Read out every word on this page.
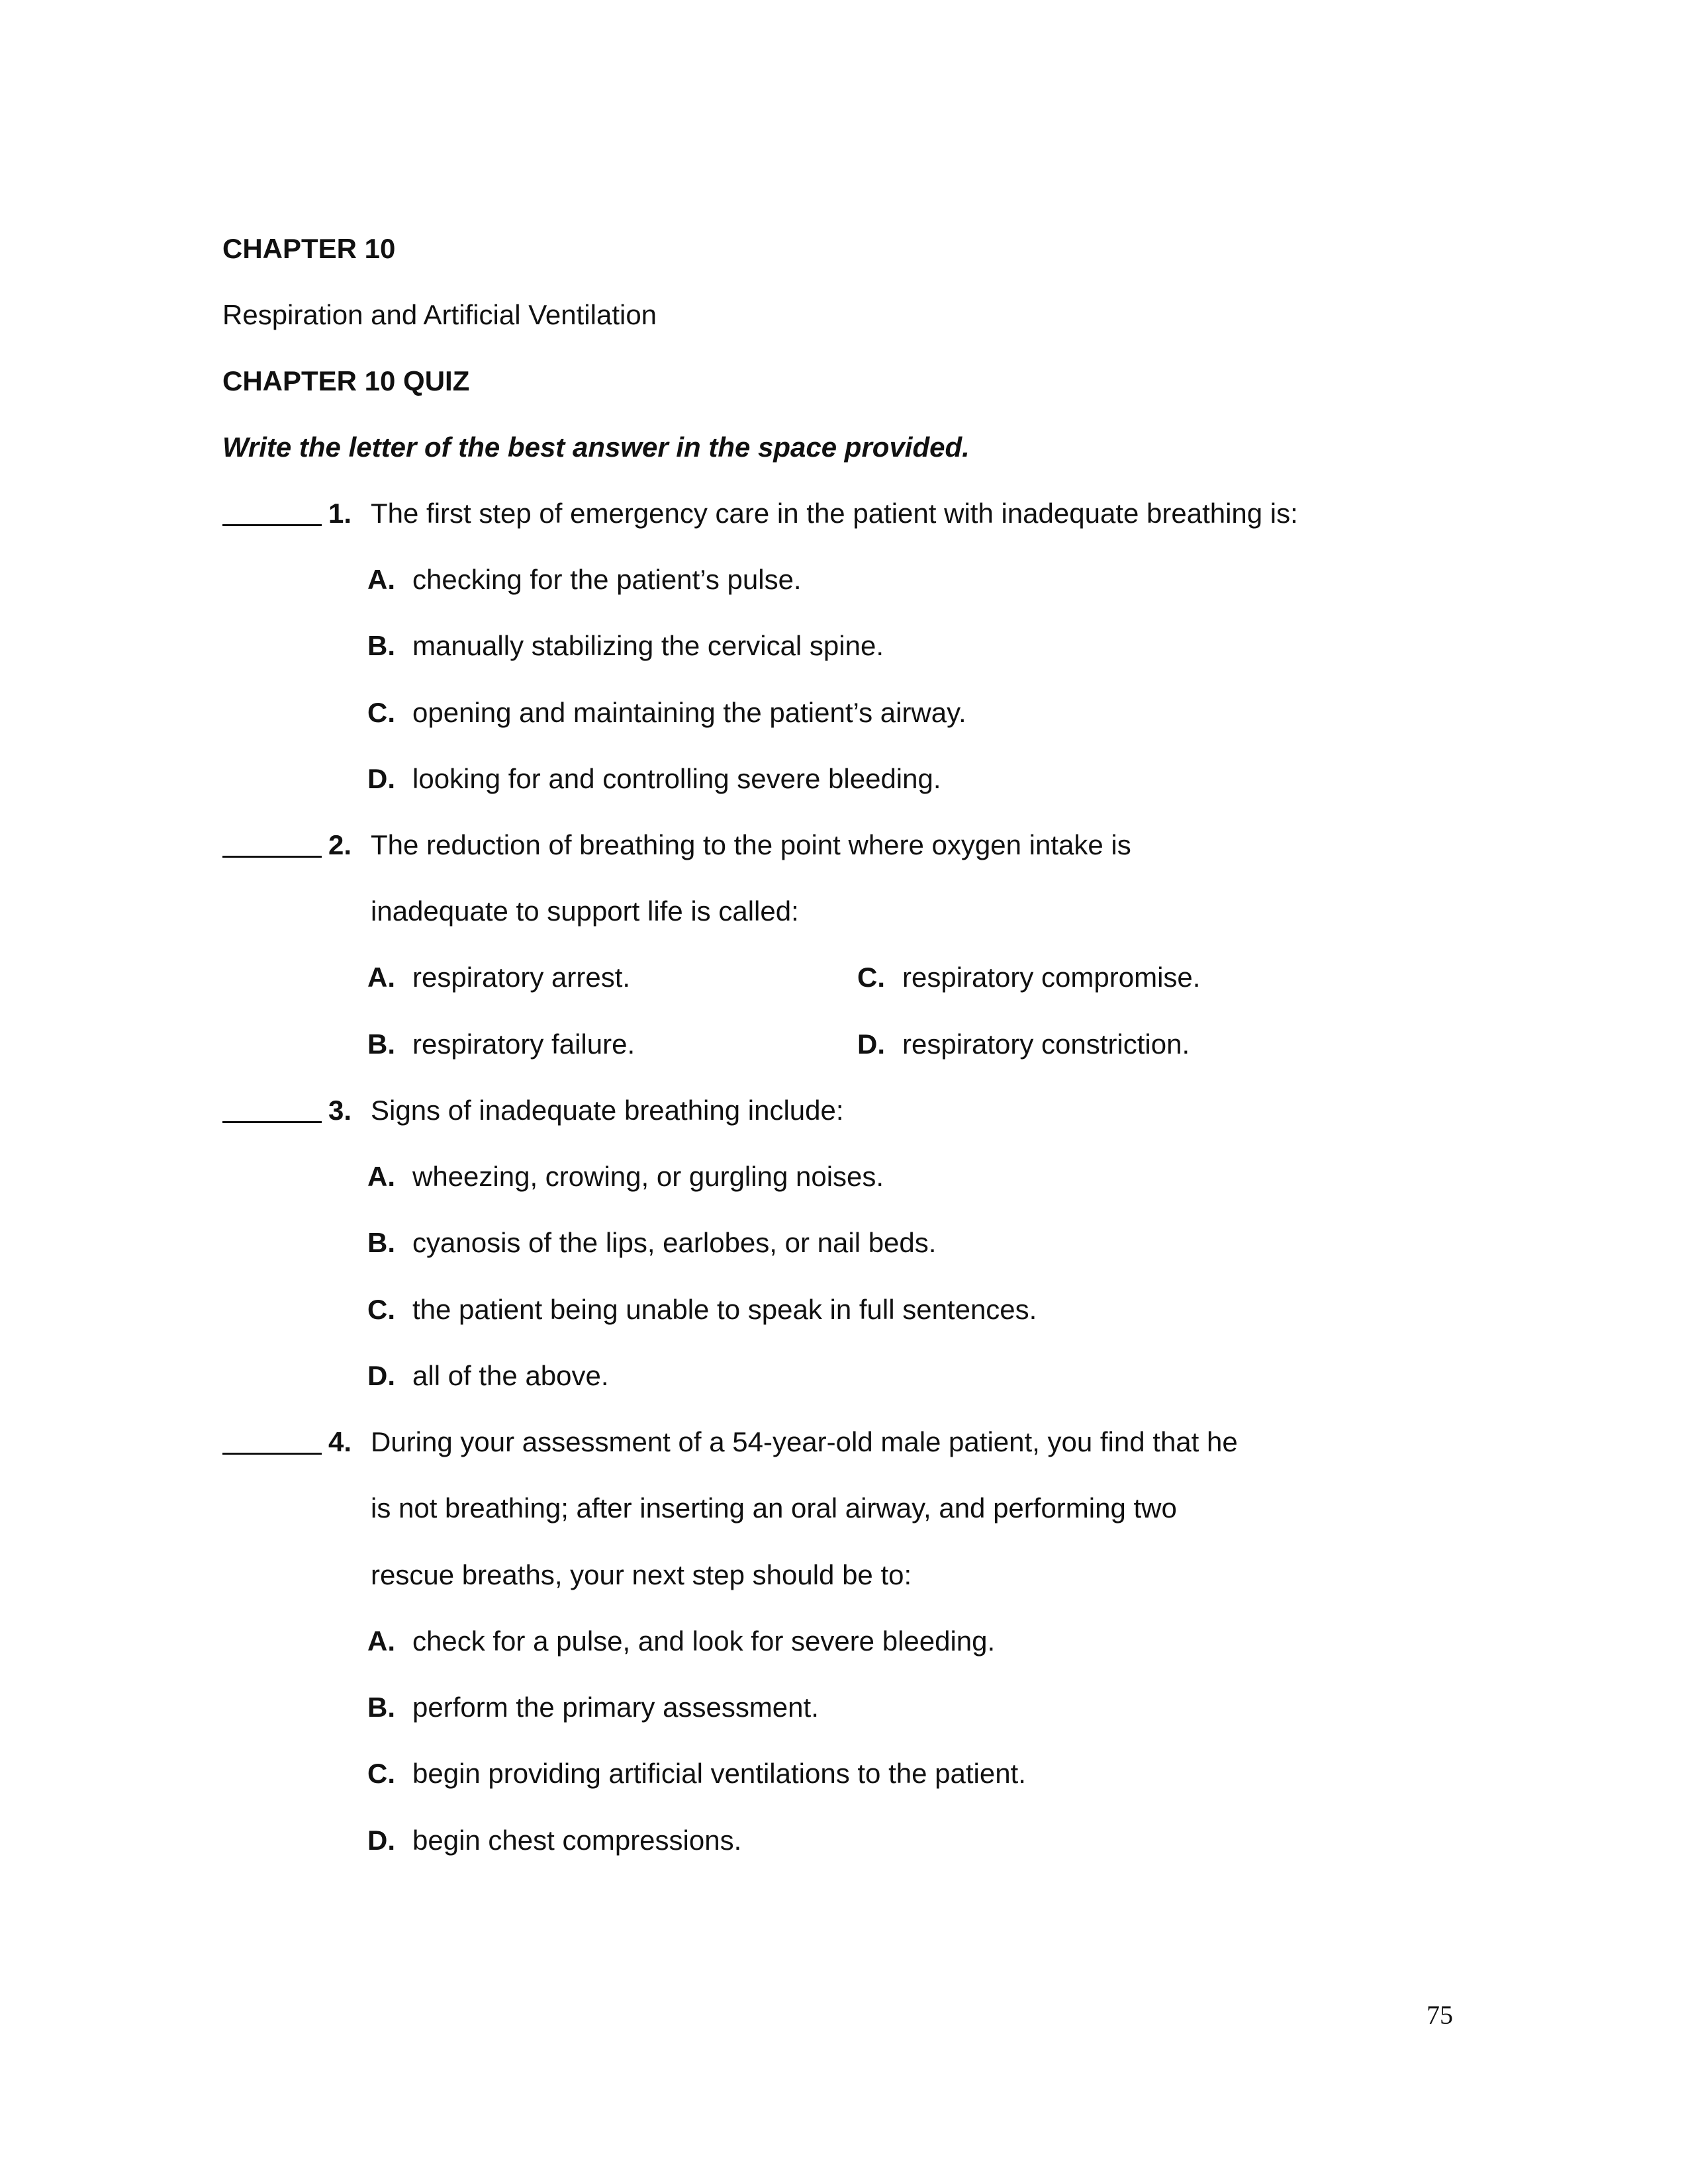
CHAPTER 10
Respiration and Artificial Ventilation
CHAPTER 10 QUIZ
Write the letter of the best answer in the space provided.
1. The first step of emergency care in the patient with inadequate breathing is:
A. checking for the patient’s pulse.
B. manually stabilizing the cervical spine.
C. opening and maintaining the patient’s airway.
D. looking for and controlling severe bleeding.
2. The reduction of breathing to the point where oxygen intake is
inadequate to support life is called:
A. respiratory arrest.
B. respiratory failure.
C. respiratory compromise.
D. respiratory constriction.
3. Signs of inadequate breathing include:
A. wheezing, crowing, or gurgling noises.
B. cyanosis of the lips, earlobes, or nail beds.
C. the patient being unable to speak in full sentences.
D. all of the above.
4. During your assessment of a 54-year-old male patient, you find that he
is not breathing; after inserting an oral airway, and performing two
rescue breaths, your next step should be to:
A. check for a pulse, and look for severe bleeding.
B. perform the primary assessment.
C. begin providing artificial ventilations to the patient.
D. begin chest compressions.
75
